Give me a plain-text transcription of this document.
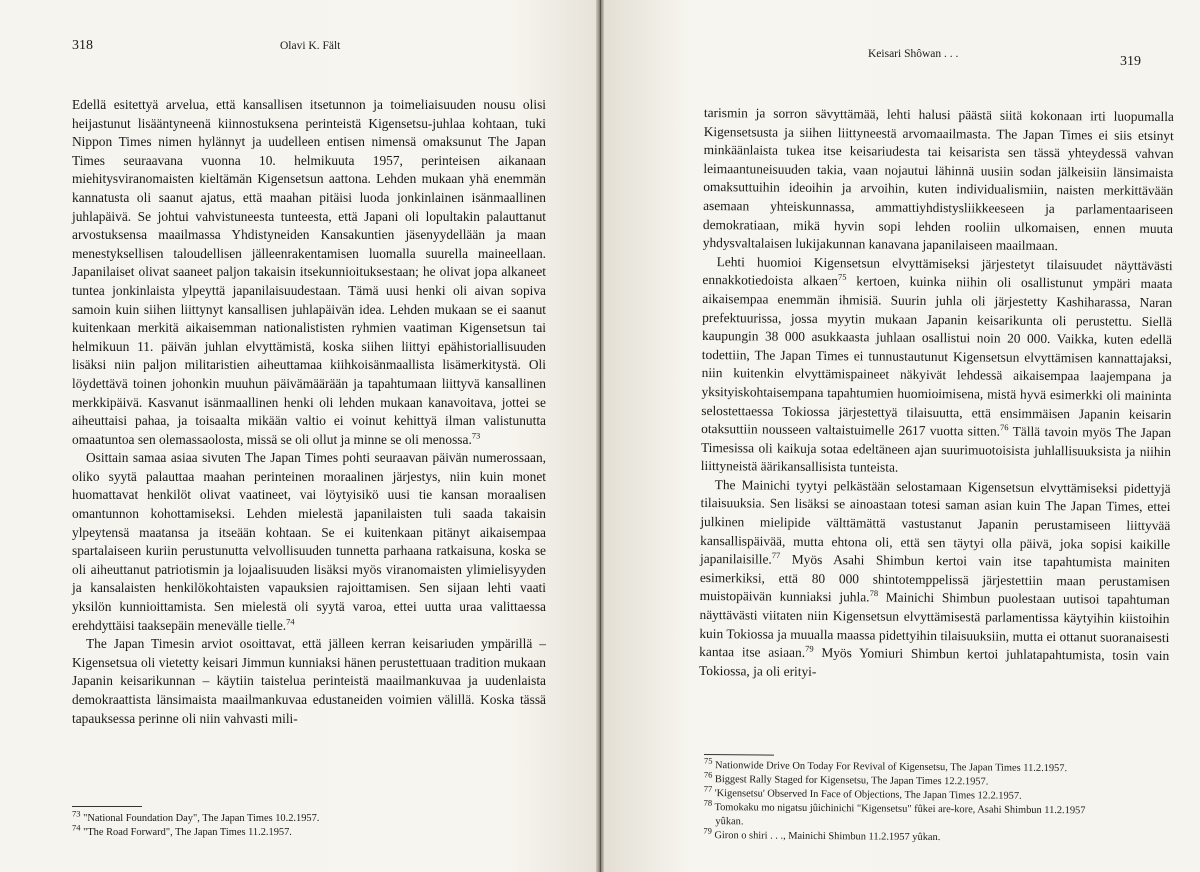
318	Olavi K. Fält

Edellä esitettyä arvelua, että kansallisen itsetunnon ja toimeliaisuuden nousu olisi heijastunut lisääntyneenä kiinnostuksena perinteistä Kigensetsu-juhlaa kohtaan, tuki Nippon Times nimen hylännyt ja uudelleen entisen nimensä omaksunut The Japan Times seuraavana vuonna 10. helmikuuta 1957, perinteisen aikanaan miehitysviranomaisten kieltämän Kigensetsun aattona. Lehden mukaan yhä enemmän kannatusta oli saanut ajatus, että maahan pitäisi luoda jonkinlainen isänmaallinen juhlapäivä. Se johtui vahvistuneesta tunteesta, että Japani oli lopultakin palauttanut arvostuksensa maailmassa Yhdistyneiden Kansakuntien jäsenyydellään ja maan menestyksellisen taloudellisen jälleenrakentamisen luomalla suurella maineellaan. Japanilaiset olivat saaneet paljon takaisin itsekunnioituksestaan; he olivat jopa alkaneet tuntea jonkinlaista ylpeyttä japanilaisuudestaan. Tämä uusi henki oli aivan sopiva samoin kuin siihen liittynyt kansallisen juhlapäivän idea. Lehden mukaan se ei saanut kuitenkaan merkitä aikaisemman nationalististen ryhmien vaatiman Kigensetsun tai helmikuun 11. päivän juhlan elvyttämistä, koska siihen liittyi epähistoriallisuuden lisäksi niin paljon militaristien aiheuttamaa kiihkoisänmaallista lisämerkitystä. Oli löydettävä toinen johonkin muuhun päivämäärään ja tapahtumaan liittyvä kansallinen merkkipäivä. Kasvanut isänmaallinen henki oli lehden mukaan kanavoitava, jottei se aiheuttaisi pahaa, ja toisaalta mikään valtio ei voinut kehittyä ilman valistunutta omaatuntoa sen olemassaolosta, missä se oli ollut ja minne se oli menossa.$^{73}$

Osittain samaa asiaa sivuten The Japan Times pohti seuraavan päivän numerossaan, oliko syytä palauttaa maahan perinteinen moraalinen järjestys, niin kuin monet huomattavat henkilöt olivat vaatineet, vai löytyisikö uusi tie kansan moraalisen omantunnon kohottamiseksi. Lehden mielestä japanilaisten tuli saada takaisin ylpeytensä maatansa ja itseään kohtaan. Se ei kuitenkaan pitänyt aikaisempaa spartalaiseen kuriin perustunutta velvollisuuden tunnetta parhaana ratkaisuna, koska se oli aiheuttanut patriotismin ja lojaalisuuden lisäksi myös viranomaisten ylimielisyyden ja kansalaisten henkilökohtaisten vapauksien rajoittamisen. Sen sijaan lehti vaati yksilön kunnioittamista. Sen mielestä oli syytä varoa, ettei uutta uraa valittaessa erehdyttäisi taaksepäin menevälle tielle.$^{74}$

The Japan Timesin arviot osoittavat, että jälleen kerran keisariuden ympärillä – Kigensetsua oli vietetty keisari Jimmun kunniaksi hänen perustettuaan tradition mukaan Japanin keisarikunnan – käytiin taistelua perinteistä maailmankuvaa ja uudenlaista demokraattista länsimaista maailmankuvaa edustaneiden voimien välillä. Koska tässä tapauksessa perinne oli niin vahvasti mili-

$^{73}$ "National Foundation Day", The Japan Times 10.2.1957.
$^{74}$ "The Road Forward", The Japan Times 11.2.1957.
Keisari Shôwan . . .	319

tarismin ja sorron sävyttämää, lehti halusi päästä siitä kokonaan irti luopumalla Kigensetsusta ja siihen liittyneestä arvomaailmasta. The Japan Times ei siis etsinyt minkäänlaista tukea itse keisariudesta tai keisarista sen tässä yhteydessä vahvan leimaantuneisuuden takia, vaan nojautui lähinnä uusiin sodan jälkeisiin länsimaista omaksuttuihin ideoihin ja arvoihin, kuten individualismiin, naisten merkittävään asemaan yhteiskunnassa, ammattiyhdistysliikkeeseen ja parlamentaariseen demokratiaan, mikä hyvin sopi lehden rooliin ulkomaisen, ennen muuta yhdysvaltalaisen lukijakunnan kanavana japanilaiseen maailmaan.

Lehti huomioi Kigensetsun elvyttämiseksi järjestetyt tilaisuudet näyttävästi ennakkotiedoista alkaen$^{75}$ kertoen, kuinka niihin oli osallistunut ympäri maata aikaisempaa enemmän ihmisiä. Suurin juhla oli järjestetty Kashiharassa, Naran prefektuurissa, jossa myytin mukaan Japanin keisarikunta oli perustettu. Siellä kaupungin 38 000 asukkaasta juhlaan osallistui noin 20 000. Vaikka, kuten edellä todettiin, The Japan Times ei tunnustautunut Kigensetsun elvyttämisen kannattajaksi, niin kuitenkin elvyttämispaineet näkyivät lehdessä aikaisempaa laajempana ja yksityiskohtaisempana tapahtumien huomioimisena, mistä hyvä esimerkki oli maininta selostettaessa Tokiossa järjestettyä tilaisuutta, että ensimmäisen Japanin keisarin otaksuttiin nousseen valtaistuimelle 2617 vuotta sitten.$^{76}$ Tällä tavoin myös The Japan Timesissa oli kaikuja sotaa edeltäneen ajan suurimuotoisista juhlallisuuksista ja niihin liittyneistä äärikansallisista tunteista.

The Mainichi tyytyi pelkästään selostamaan Kigensetsun elvyttämiseksi pidettyjä tilaisuuksia. Sen lisäksi se ainoastaan totesi saman asian kuin The Japan Times, ettei julkinen mielipide välttämättä vastustanut Japanin perustamiseen liittyvää kansallispäivää, mutta ehtona oli, että sen täytyi olla päivä, joka sopisi kaikille japanilaisille.$^{77}$ Myös Asahi Shimbun kertoi vain itse tapahtumista mainiten esimerkiksi, että 80 000 shintotemppelissä järjestettiin maan perustamisen muistopäivän kunniaksi juhla.$^{78}$ Mainichi Shimbun puolestaan uutisoi tapahtuman näyttävästi viitaten niin Kigensetsun elvyttämisestä parlamentissa käytyihin kiistoihin kuin Tokiossa ja muualla maassa pidettyihin tilaisuuksiin, mutta ei ottanut suoranaisesti kantaa itse asiaan.$^{79}$ Myös Yomiuri Shimbun kertoi juhlatapahtumista, tosin vain Tokiossa, ja oli erityi-

$^{75}$ Nationwide Drive On Today For Revival of Kigensetsu, The Japan Times 11.2.1957.
$^{76}$ Biggest Rally Staged for Kigensetsu, The Japan Times 12.2.1957.
$^{77}$ 'Kigensetsu' Observed In Face of Objections, The Japan Times 12.2.1957.
$^{78}$ Tomokaku mo nigatsu jûichinichi "Kigensetsu" fûkei are-kore, Asahi Shimbun 11.2.1957
yûkan.
$^{79}$ Giron o shiri . . ., Mainichi Shimbun 11.2.1957 yûkan.
